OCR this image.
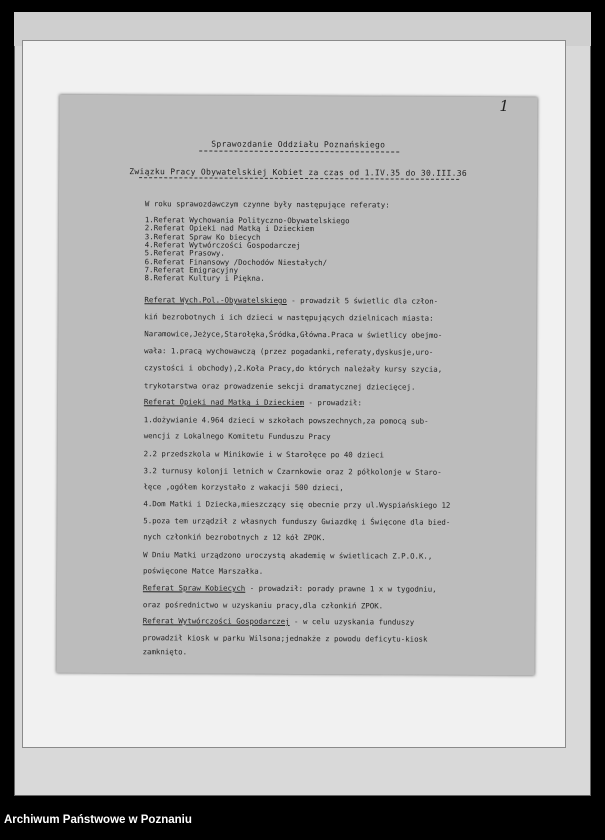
1
Sprawozdanie Oddziału Poznańskiego
Związku Pracy Obywatelskiej Kobiet za czas od 1.IV.35 do 30.III.36
W roku sprawozdawczym czynne były następujące referaty:
1.Referat Wychowania Polityczno-Obywatelskiego
2.Referat Opieki nad Matką i Dzieckiem
3.Referat Spraw Ko biecych
4.Referat Wytwórczości Gospodarczej
5.Referat Prasowy.
6.Referat Finansowy /Dochodów Niestałych/
7.Referat Emigracyjny
8.Referat Kultury i Piękna.
Referat Wych.Pol.-Obywatelskiego - prowadził 5 świetlic dla człon-
kiń bezrobotnych i ich dzieci w następujących dzielnicach miasta:
Naramowice,Jeżyce,Starołęka,Śródka,Główna.Praca w świetlicy obejmo-
wała: 1.pracą wychowawczą (przez pogadanki,referaty,dyskusje,uro-
czystości i obchody),2.Koła Pracy,do których należały kursy szycia,
trykotarstwa oraz prowadzenie sekcji dramatycznej dziecięcej.
Referat Opieki nad Matką i Dzieckiem - prowadził:
1.dożywianie 4.964 dzieci w szkołach powszechnych,za pomocą sub-
wencji z Lokalnego Komitetu Funduszu Pracy
2.2 przedszkola w Minikowie i w Starołęce po 40 dzieci
3.2 turnusy kolonji letnich w Czarnkowie oraz 2 półkolonje w Staro-
łęce ,ogółem korzystało z wakacji 500 dzieci,
4.Dom Matki i Dziecka,mieszczący się obecnie przy ul.Wyspiańskiego 12
5.poza tem urządził z własnych funduszy Gwiazdkę i Święcone dla bied-
nych członkiń bezrobotnych z 12 kół ZPOK.
W Dniu Matki urządzono uroczystą akademię w świetlicach Z.P.O.K.,
poświęcone Matce Marszałka.
Referat Spraw Kobiecych - prowadził: porady prawne 1 x w tygodniu,
oraz pośrednictwo w uzyskaniu pracy,dla członkiń ZPOK.
Referat Wytwórczości Gospodarczej - w celu uzyskania funduszy
prowadził kiosk w parku Wilsona;jednakże z powodu deficytu-kiosk
zamknięto.
Archiwum Państwowe w Poznaniu
